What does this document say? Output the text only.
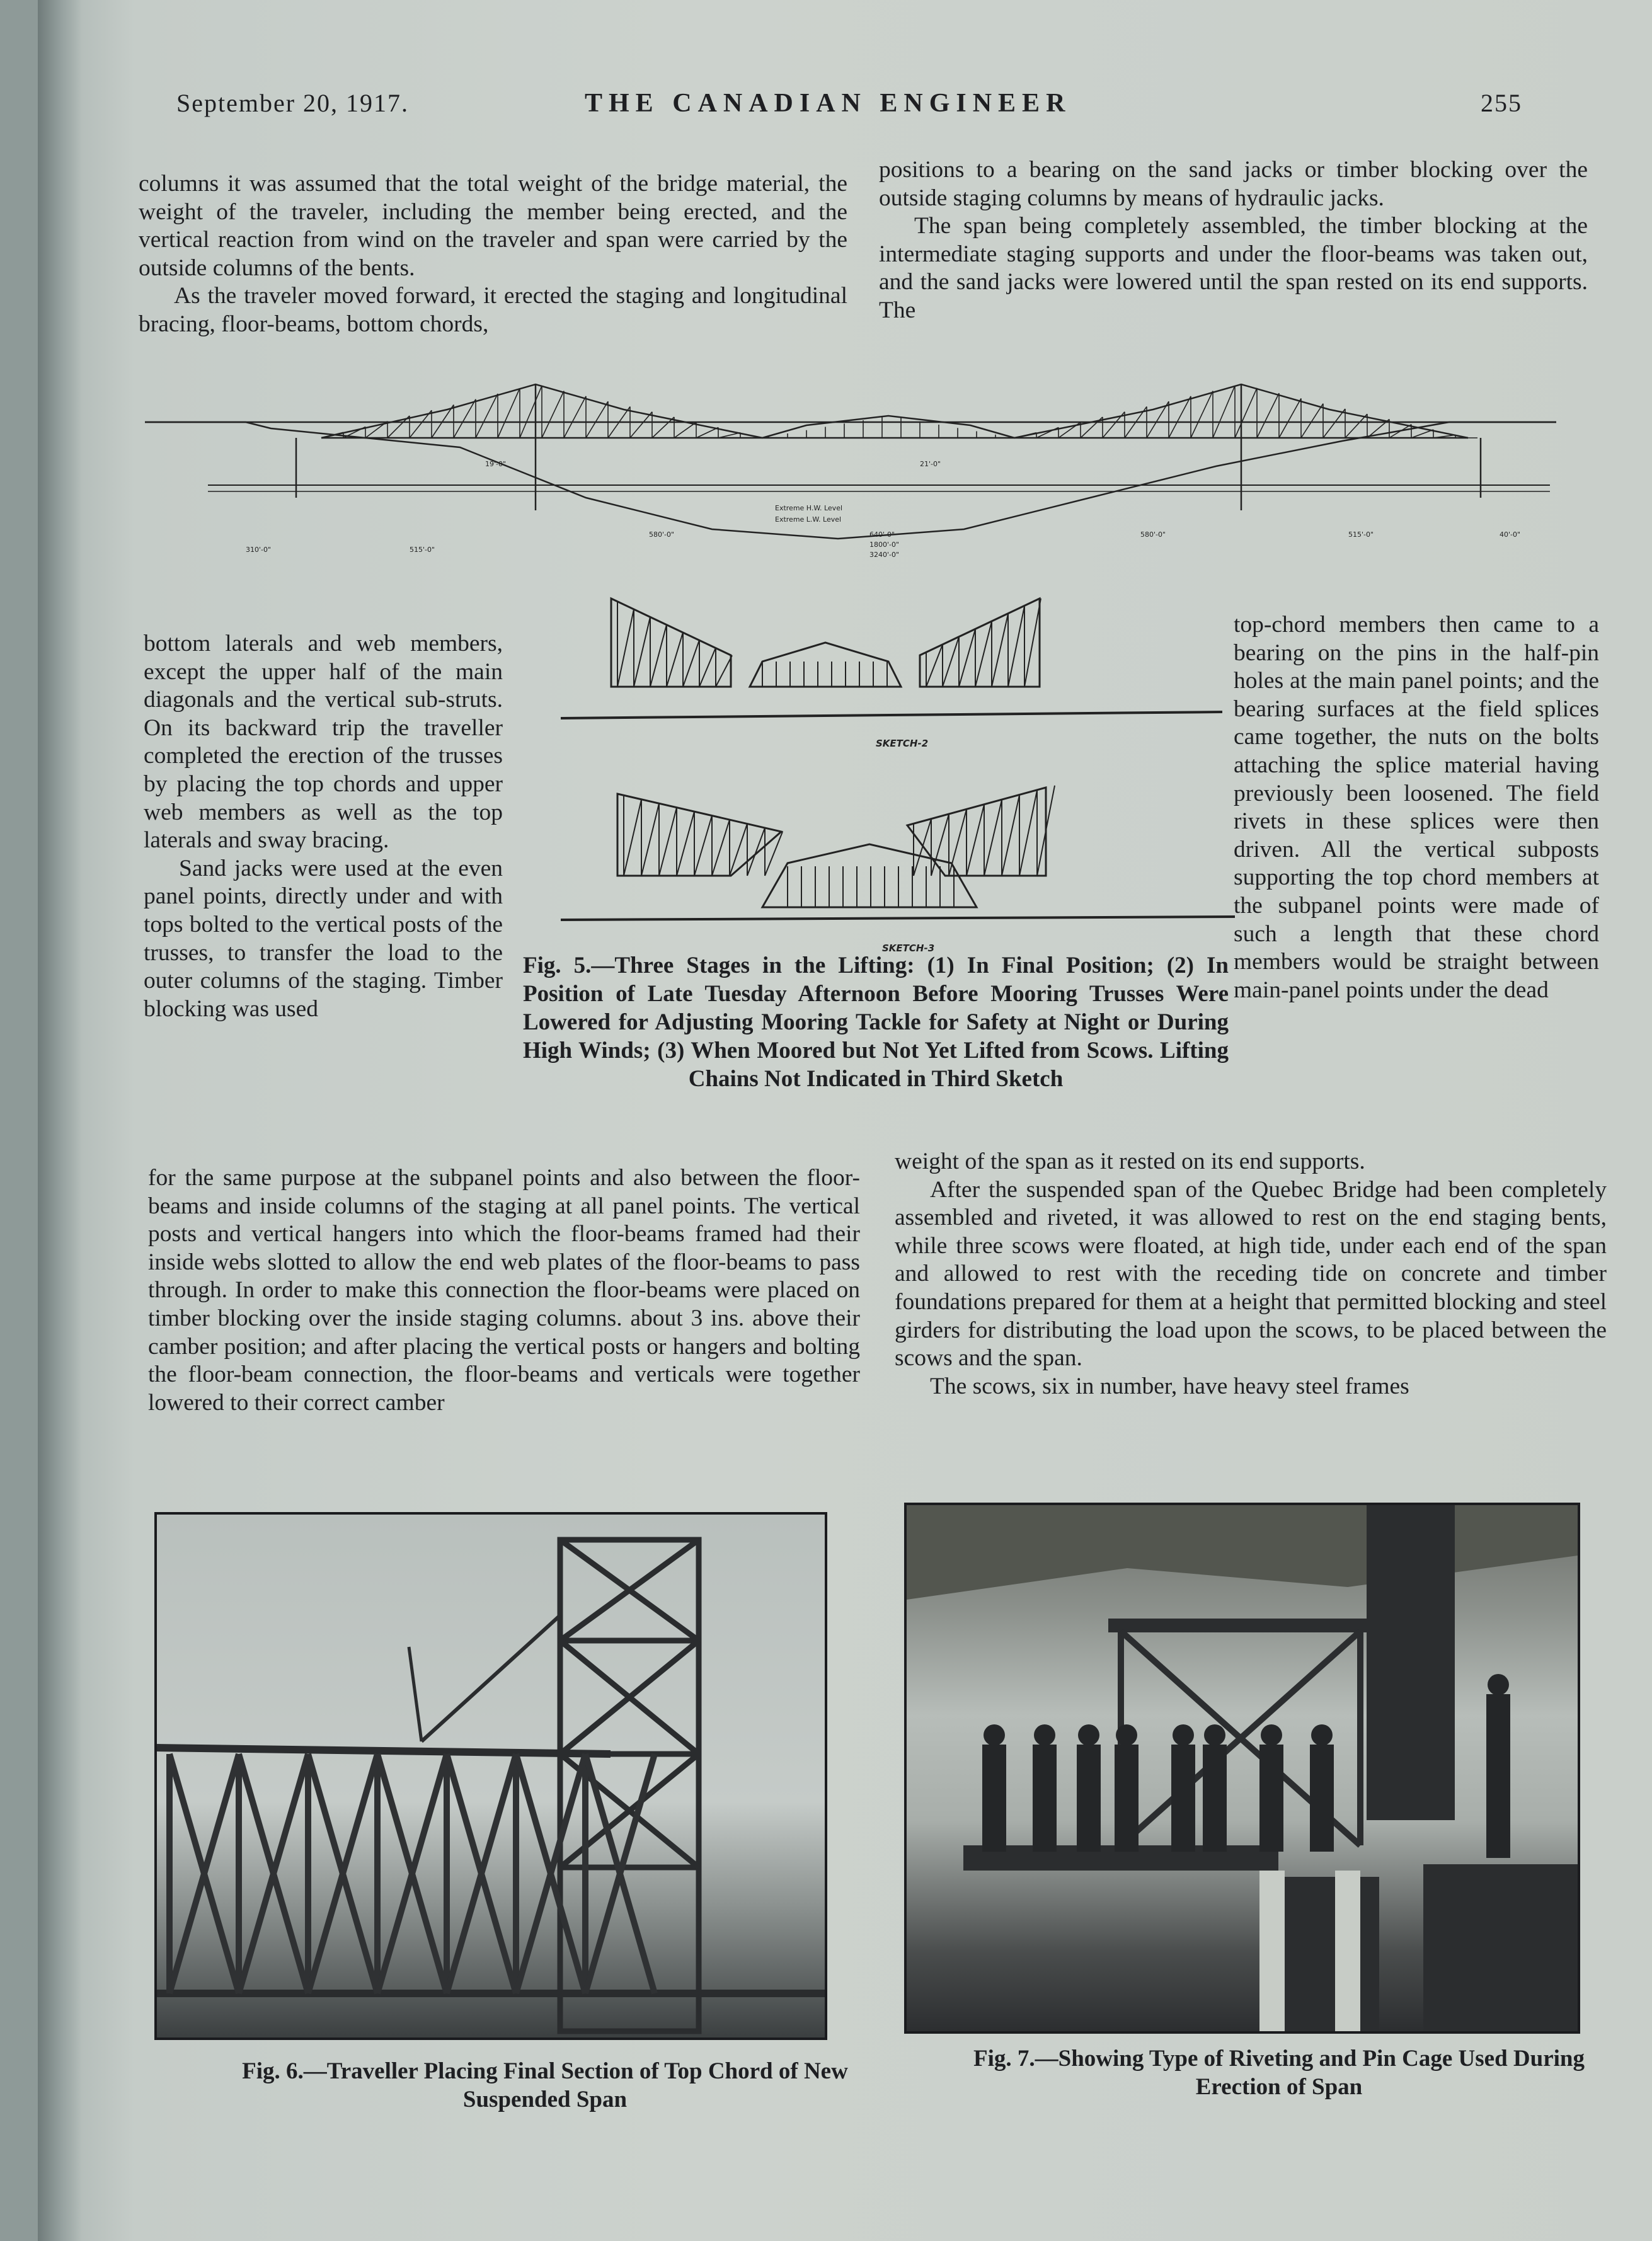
September 20, 1917.	THE CANADIAN ENGINEER	255

columns it was assumed that the total weight of the bridge material, the weight of the traveler, including the member being erected, and the vertical reaction from wind on the traveler and span were carried by the outside columns of the bents.

As the traveler moved forward, it erected the staging and longitudinal bracing, floor-beams, bottom chords,

positions to a bearing on the sand jacks or timber blocking over the outside staging columns by means of hydraulic jacks.

The span being completely assembled, the timber blocking at the intermediate staging supports and under the floor-beams was taken out, and the sand jacks were lowered until the span rested on its end supports. The

Extreme H.W. Level
Extreme L.W. Level
640'-0"
1800'-0"
3240'-0"
580'-0"
515'-0"
310'-0"
40'-0"
19'-0"	21'-0"
580'-0"	515'-0"
SKETCH-2
SKETCH-3

bottom laterals and web members, except the upper half of the main diagonals and the vertical sub-struts. On its backward trip the traveller completed the erection of the trusses by placing the top chords and upper web members as well as the top laterals and sway bracing.

Sand jacks were used at the even panel points, directly under and with tops bolted to the vertical posts of the trusses, to transfer the load to the outer columns of the staging. Timber blocking was used

top-chord members then came to a bearing on the pins in the half-pin holes at the main panel points; and the bearing surfaces at the field splices came together, the nuts on the bolts attaching the splice material having previously been loosened. The field rivets in these splices were then driven. All the vertical subposts supporting the top chord members at the subpanel points were made of such a length that these chord members would be straight between main-panel points under the dead

Fig. 5.—Three Stages in the Lifting: (1) In Final Position; (2) In Position of Late Tuesday Afternoon Before Mooring Trusses Were Lowered for Adjusting Mooring Tackle for Safety at Night or During High Winds; (3) When Moored but Not Yet Lifted from Scows. Lifting Chains Not Indicated in Third Sketch

for the same purpose at the subpanel points and also between the floor-beams and inside columns of the staging at all panel points. The vertical posts and vertical hangers into which the floor-beams framed had their inside webs slotted to allow the end web plates of the floor-beams to pass through. In order to make this connection the floor-beams were placed on timber blocking over the inside staging columns. about 3 ins. above their camber position; and after placing the vertical posts or hangers and bolting the floor-beam connection, the floor-beams and verticals were together lowered to their correct camber

weight of the span as it rested on its end supports.

After the suspended span of the Quebec Bridge had been completely assembled and riveted, it was allowed to rest on the end staging bents, while three scows were floated, at high tide, under each end of the span and allowed to rest with the receding tide on concrete and timber foundations prepared for them at a height that permitted blocking and steel girders for distributing the load upon the scows, to be placed between the scows and the span.

The scows, six in number, have heavy steel frames

Fig. 6.—Traveller Placing Final Section of Top Chord of New Suspended Span
Fig. 7.—Showing Type of Riveting and Pin Cage Used During Erection of Span
